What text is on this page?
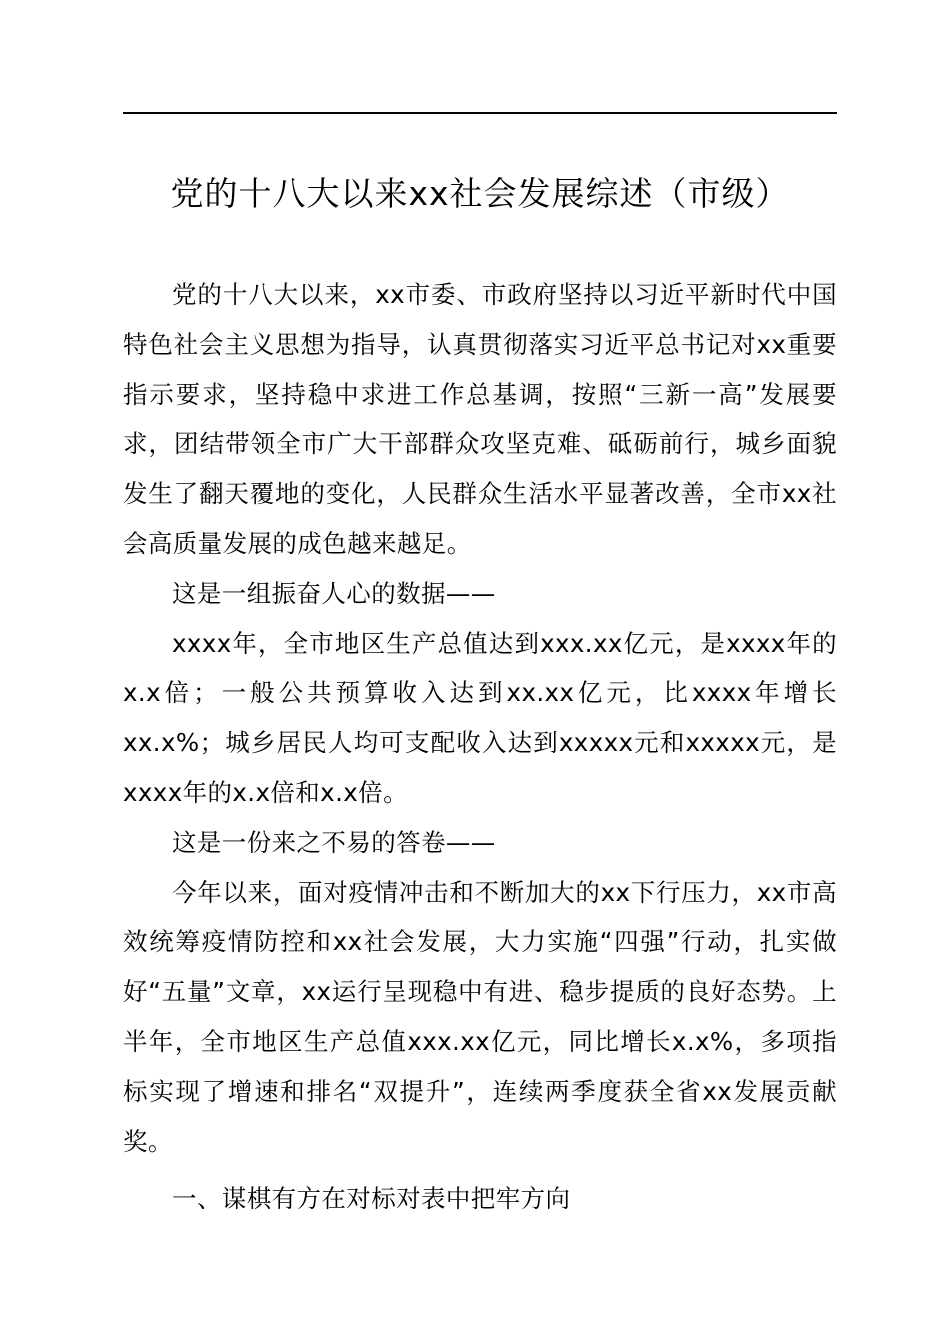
党的十八大以来xx社会发展综述（市级）

党的十八大以来，xx市委、市政府坚持以习近平新时代中国特色社会主义思想为指导，认真贯彻落实习近平总书记对xx重要指示要求，坚持稳中求进工作总基调，按照“三新一高”发展要求，团结带领全市广大干部群众攻坚克难、砥砺前行，城乡面貌发生了翻天覆地的变化，人民群众生活水平显著改善，全市xx社会高质量发展的成色越来越足。

这是一组振奋人心的数据——

xxxx年，全市地区生产总值达到xxx.xx亿元，是xxxx年的x.x倍；一般公共预算收入达到xx.xx亿元，比xxxx年增长xx.x%；城乡居民人均可支配收入达到xxxxx元和xxxxx元，是xxxx年的x.x倍和x.x倍。

这是一份来之不易的答卷——

今年以来，面对疫情冲击和不断加大的xx下行压力，xx市高效统筹疫情防控和xx社会发展，大力实施“四强”行动，扎实做好“五量”文章，xx运行呈现稳中有进、稳步提质的良好态势。上半年，全市地区生产总值xxx.xx亿元，同比增长x.x%，多项指标实现了增速和排名“双提升”，连续两季度获全省xx发展贡献奖。

一、谋棋有方在对标对表中把牢方向
